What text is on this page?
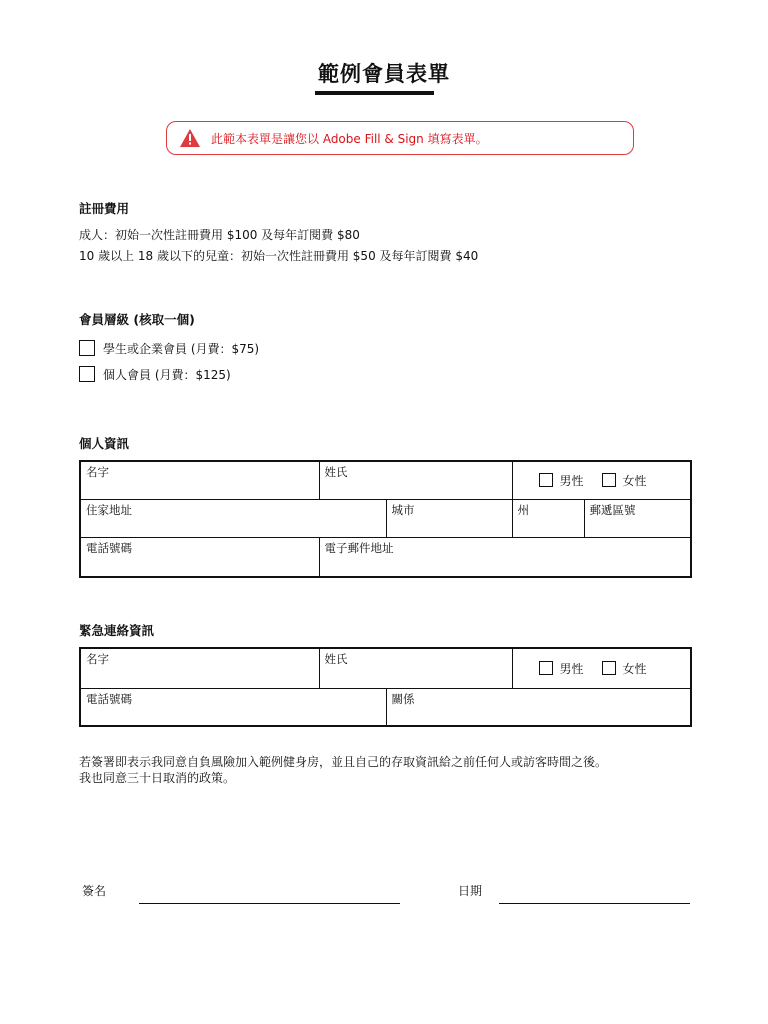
範例會員表單
此範本表單是讓您以 Adobe Fill & Sign 填寫表單。
註冊費用
成人：初始一次性註冊費用 $100 及每年訂閱費 $80
10 歲以上 18 歲以下的兒童：初始一次性註冊費用 $50 及每年訂閱費 $40
會員層級 (核取一個)
學生或企業會員 (月費：$75)
個人會員 (月費：$125)
個人資訊
名字	姓氏		男性 女性	

住家地址		城市	州	郵遞區號
電話號碼	電子郵件地址			
緊急連絡資訊
名字	姓氏		男性 女性

電話號碼		關係	
若簽署即表示我同意自負風險加入範例健身房，並且自己的存取資訊給之前任何人或訪客時間之後。
我也同意三十日取消的政策。
簽名	日期
